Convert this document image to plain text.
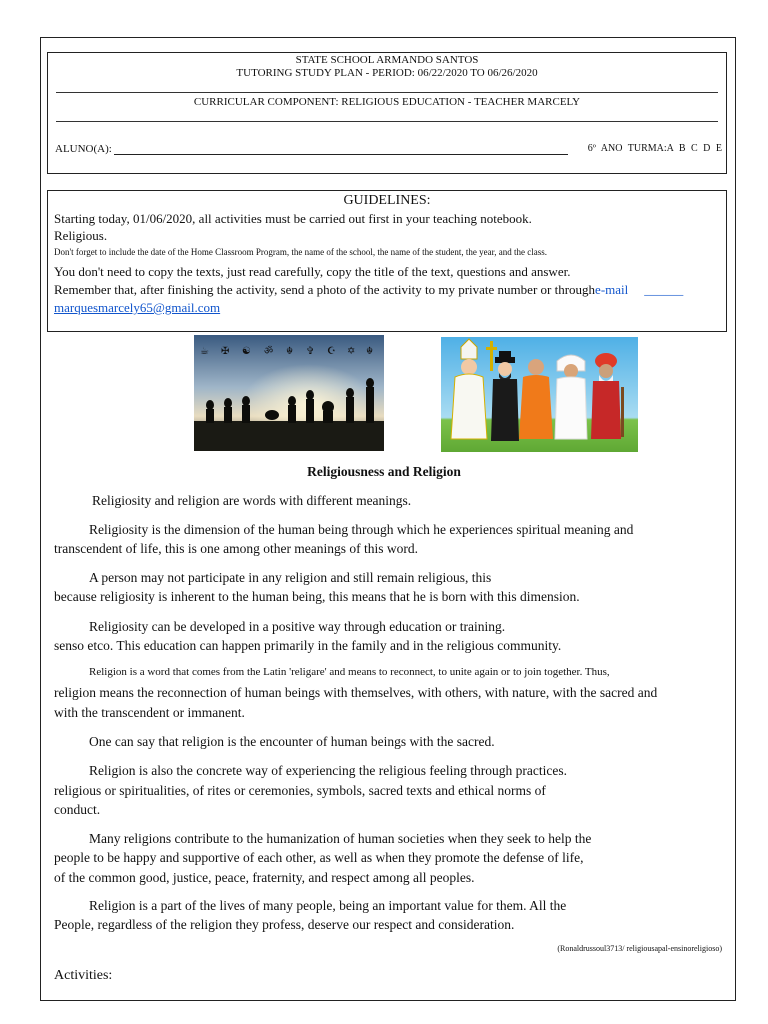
STATE SCHOOL ARMANDO SANTOS
TUTORING STUDY PLAN - PERIOD: 06/22/2020 TO 06/26/2020
CURRICULAR COMPONENT: RELIGIOUS EDUCATION - TEACHER MARCELY
ALUNO(A):	6º ANO TURMA:A B C D E
GUIDELINES:
Starting today, 01/06/2020, all activities must be carried out first in your teaching notebook.
Religious.
Don't forget to include the date of the Home Classroom Program, the name of the school, the name of the student, the year, and the class.
You don't need to copy the texts, just read carefully, copy the title of the text, questions and answer.
Remember that, after finishing the activity, send a photo of the activity to my private number or throughe-mail ______
marquesmarcely65@gmail.com
☕ ✠ ☯ ॐ ☬ ✞ ☪ ✡ ☬
Religiousness and Religion
Religiosity and religion are words with different meanings.
Religiosity is the dimension of the human being through which he experiences spiritual meaning and
transcendent of life, this is one among other meanings of this word.
A person may not participate in any religion and still remain religious, this
because religiosity is inherent to the human being, this means that he is born with this dimension.
Religiosity can be developed in a positive way through education or training.
senso etco. This education can happen primarily in the family and in the religious community.
Religion is a word that comes from the Latin 'religare' and means to reconnect, to unite again or to join together. Thus,
religion means the reconnection of human beings with themselves, with others, with nature, with the sacred and
with the transcendent or immanent.
One can say that religion is the encounter of human beings with the sacred.
Religion is also the concrete way of experiencing the religious feeling through practices.
religious or spiritualities, of rites or ceremonies, symbols, sacred texts and ethical norms of
conduct.
Many religions contribute to the humanization of human societies when they seek to help the
people to be happy and supportive of each other, as well as when they promote the defense of life,
of the common good, justice, peace, fraternity, and respect among all peoples.
Religion is a part of the lives of many people, being an important value for them. All the
People, regardless of the religion they profess, deserve our respect and consideration.
(Ronaldrussoul3713/ religiousapal-ensinoreligioso)
Activities:
